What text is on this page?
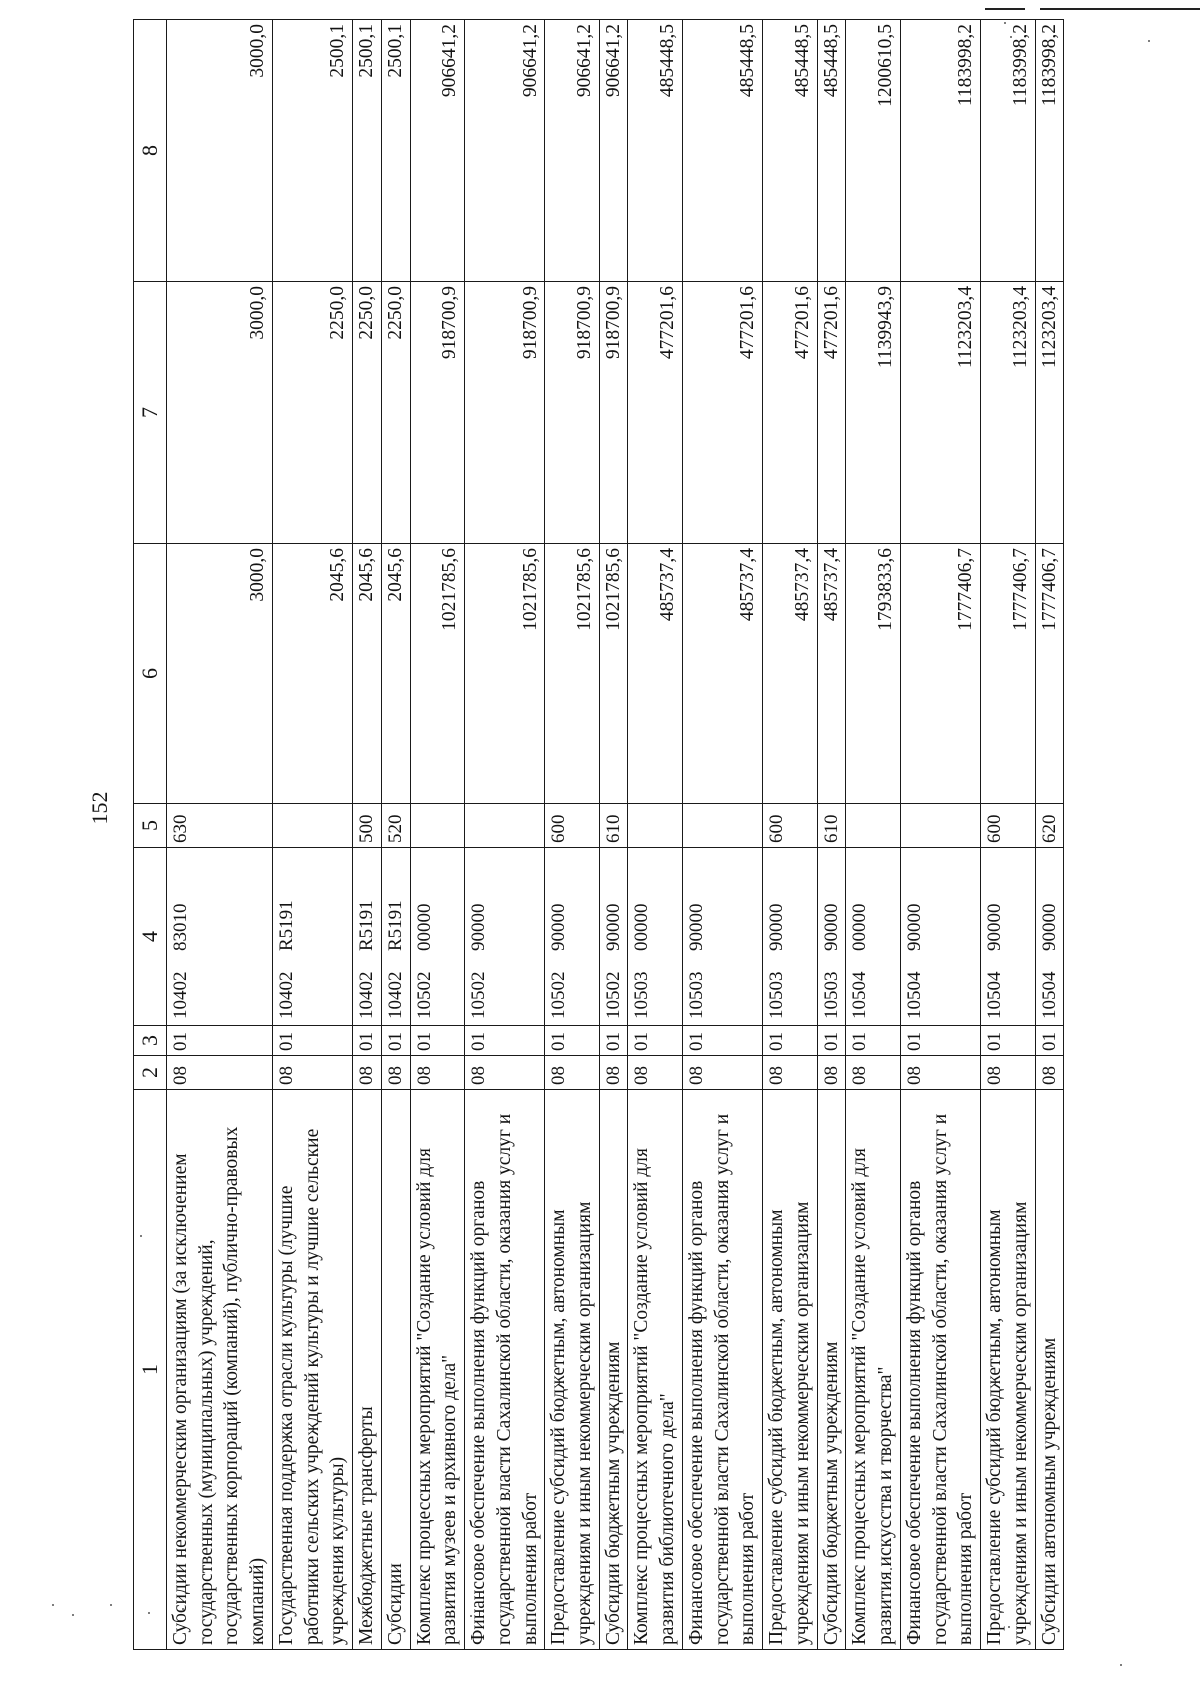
152
1	2	3	4	5	6	7	8
Субсидии некоммерческим организациям (за исключением государственных (муниципальных) учреждений, государственных корпораций (компаний), публично-правовых компаний)	08	01	1040283010	630	3000,0	3000,0	3000,0
Государственная поддержка отрасли культуры (лучшие работники сельских учреждений культуры и лучшие сельские учреждения культуры)	08	01	10402R5191		2045,6	2250,0	2500,1
Межбюджетные трансферты	08	01	10402R5191	500	2045,6	2250,0	2500,1
Субсидии	08	01	10402R5191	520	2045,6	2250,0	2500,1
Комплекс процессных мероприятий "Создание условий для развития музеев и архивного дела"	08	01	1050200000		1021785,6	918700,9	906641,2
Финансовое обеспечение выполнения функций органов государственной власти Сахалинской области, оказания услуг и выполнения работ	08	01	1050290000		1021785,6	918700,9	906641,2
Предоставление субсидий бюджетным, автономным учреждениям и иным некоммерческим организациям	08	01	1050290000	600	1021785,6	918700,9	906641,2
Субсидии бюджетным учреждениям	08	01	1050290000	610	1021785,6	918700,9	906641,2
Комплекс процессных мероприятий "Создание условий для развития библиотечного дела"	08	01	1050300000		485737,4	477201,6	485448,5
Финансовое обеспечение выполнения функций органов государственной власти Сахалинской области, оказания услуг и выполнения работ	08	01	1050390000		485737,4	477201,6	485448,5
Предоставление субсидий бюджетным, автономным учреждениям и иным некоммерческим организациям	08	01	1050390000	600	485737,4	477201,6	485448,5
Субсидии бюджетным учреждениям	08	01	1050390000	610	485737,4	477201,6	485448,5
Комплекс процессных мероприятий "Создание условий для развития искусства и творчества"	08	01	1050400000		1793833,6	1139943,9	1200610,5
Финансовое обеспечение выполнения функций органов государственной власти Сахалинской области, оказания услуг и выполнения работ	08	01	1050490000		1777406,7	1123203,4	1183998,2
Предоставление субсидий бюджетным, автономным учреждениям и иным некоммерческим организациям	08	01	1050490000	600	1777406,7	1123203,4	1183998,2
Субсидии автономным учреждениям	08	01	1050490000	620	1777406,7	1123203,4	1183998,2
